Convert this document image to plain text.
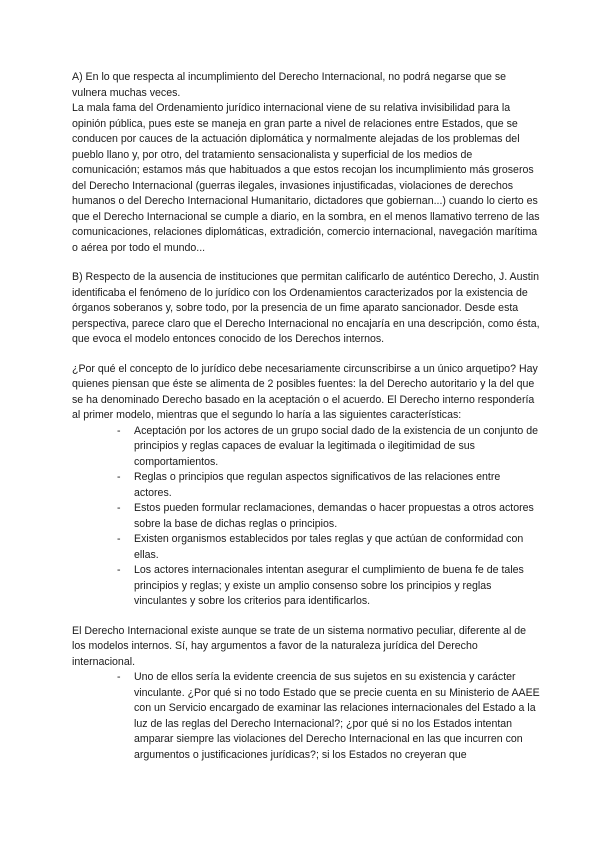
A) En lo que respecta al incumplimiento del Derecho Internacional, no podrá negarse que se vulnera muchas veces.

La mala fama del Ordenamiento jurídico internacional viene de su relativa invisibilidad para la opinión pública, pues este se maneja en gran parte a nivel de relaciones entre Estados, que se conducen por cauces de la actuación diplomática y normalmente alejadas de los problemas del pueblo llano y, por otro, del tratamiento sensacionalista y superficial de los medios de comunicación; estamos más que habituados a que estos recojan los incumplimiento más groseros del Derecho Internacional (guerras ilegales, invasiones injustificadas, violaciones de derechos humanos o del Derecho Internacional Humanitario, dictadores que gobiernan...) cuando lo cierto es que el Derecho Internacional se cumple a diario, en la sombra, en el menos llamativo terreno de las comunicaciones, relaciones diplomáticas, extradición, comercio internacional, navegación marítima o aérea por todo el mundo...

B) Respecto de la ausencia de instituciones que permitan calificarlo de auténtico Derecho, J. Austin identificaba el fenómeno de lo jurídico con los Ordenamientos caracterizados por la existencia de órganos soberanos y, sobre todo, por la presencia de un fime aparato sancionador. Desde esta perspectiva, parece claro que el Derecho Internacional no encajaría en una descripción, como ésta, que evoca el modelo entonces conocido de los Derechos internos.

¿Por qué el concepto de lo jurídico debe necesariamente circunscribirse a un único arquetipo? Hay quienes piensan que éste se alimenta de 2 posibles fuentes: la del Derecho autoritario y la del que se ha denominado Derecho basado en la aceptación o el acuerdo. El Derecho interno respondería al primer modelo, mientras que el segundo lo haría a las siguientes características:

- Aceptación por los actores de un grupo social dado de la existencia de un conjunto de principios y reglas capaces de evaluar la legitimada o ilegitimidad de sus comportamientos.
- Reglas o principios que regulan aspectos significativos de las relaciones entre actores.
- Estos pueden formular reclamaciones, demandas o hacer propuestas a otros actores sobre la base de dichas reglas o principios.
- Existen organismos establecidos por tales reglas y que actúan de conformidad con ellas.
- Los actores internacionales intentan asegurar el cumplimiento de buena fe de tales principios y reglas; y existe un amplio consenso sobre los principios y reglas vinculantes y sobre los criterios para identificarlos.

El Derecho Internacional existe aunque se trate de un sistema normativo peculiar, diferente al de los modelos internos. Sí, hay argumentos a favor de la naturaleza jurídica del Derecho internacional.

- Uno de ellos sería la evidente creencia de sus sujetos en su existencia y carácter vinculante. ¿Por qué si no todo Estado que se precie cuenta en su Ministerio de AAEE con un Servicio encargado de examinar las relaciones internacionales del Estado a la luz de las reglas del Derecho Internacional?; ¿por qué si no los Estados intentan amparar siempre las violaciones del Derecho Internacional en las que incurren con argumentos o justificaciones jurídicas?; si los Estados no creyeran que
